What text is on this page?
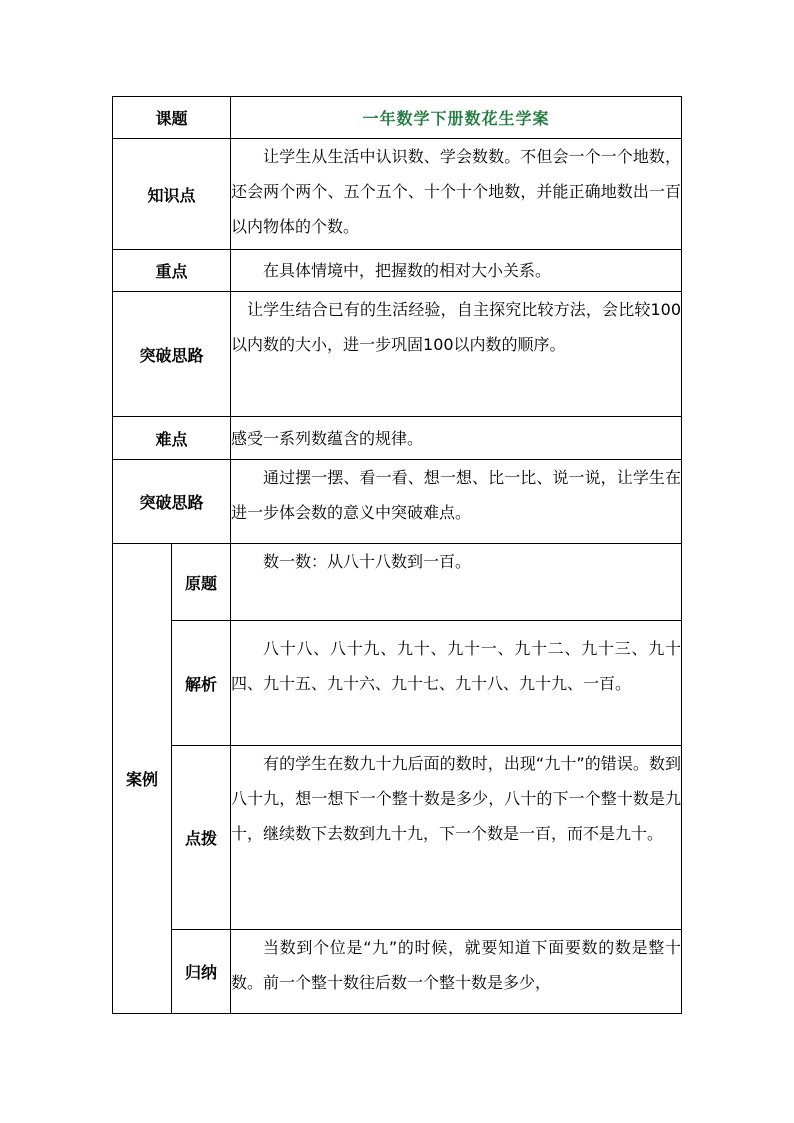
课题		一年数学下册数花生学案
知识点		让学生从生活中认识数、学会数数。不但会一个一个地数，还会两个两个、五个五个、十个十个地数，并能正确地数出一百以内物体的个数。

重点		在具体情境中，把握数的相对大小关系。

突破思路		让学生结合已有的生活经验，自主探究比较方法，会比较100以内数的大小，进一步巩固100以内数的顺序。

难点		感受一系列数蕴含的规律。
突破思路		通过摆一摆、看一看、想一想、比一比、说一说，让学生在进一步体会数的意义中突破难点。

案例	原题	数一数：从八十八数到一百。

	解析	八十八、八十九、九十、九十一、九十二、九十三、九十四、九十五、九十六、九十七、九十八、九十九、一百。

	点拨	有的学生在数九十九后面的数时，出现“九十”的错误。数到八十九，想一想下一个整十数是多少，八十的下一个整十数是九十，继续数下去数到九十九，下一个数是一百，而不是九十。

	归纳	当数到个位是“九”的时候，就要知道下面要数的数是整十数。前一个整十数往后数一个整十数是多少，
